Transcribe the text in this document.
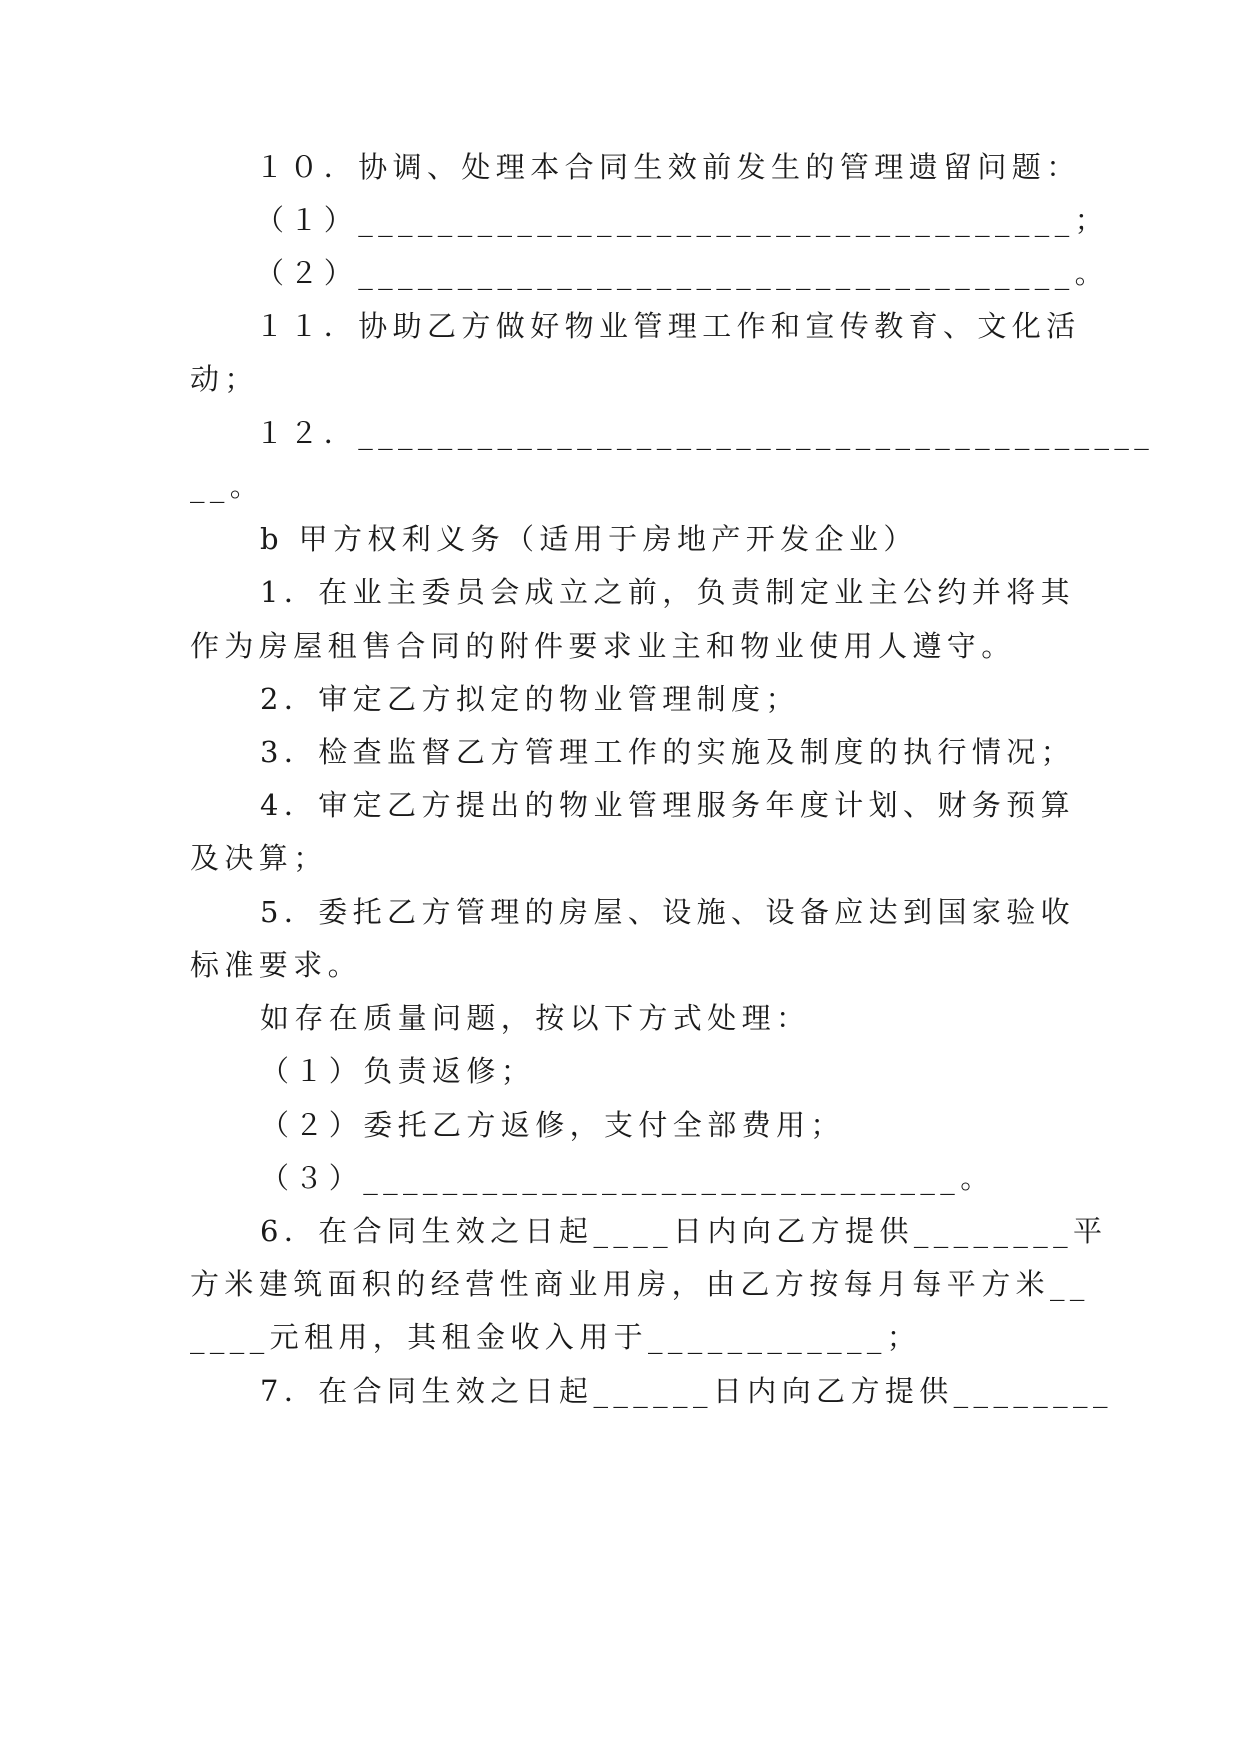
１０．协调、处理本合同生效前发生的管理遗留问题：
（１）____________________________________；
（２）____________________________________。
１１．协助乙方做好物业管理工作和宣传教育、文化活
动；
１２．________________________________________
__。
b 甲方权利义务（适用于房地产开发企业）
1．在业主委员会成立之前，负责制定业主公约并将其
作为房屋租售合同的附件要求业主和物业使用人遵守。
2．审定乙方拟定的物业管理制度；
3．检查监督乙方管理工作的实施及制度的执行情况；
4．审定乙方提出的物业管理服务年度计划、财务预算
及决算；
5．委托乙方管理的房屋、设施、设备应达到国家验收
标准要求。
如存在质量问题，按以下方式处理：
（１）负责返修；
（２）委托乙方返修，支付全部费用；
（３）______________________________。
6．在合同生效之日起____日内向乙方提供________平
方米建筑面积的经营性商业用房，由乙方按每月每平方米__
____元租用，其租金收入用于____________；
7．在合同生效之日起______日内向乙方提供________
